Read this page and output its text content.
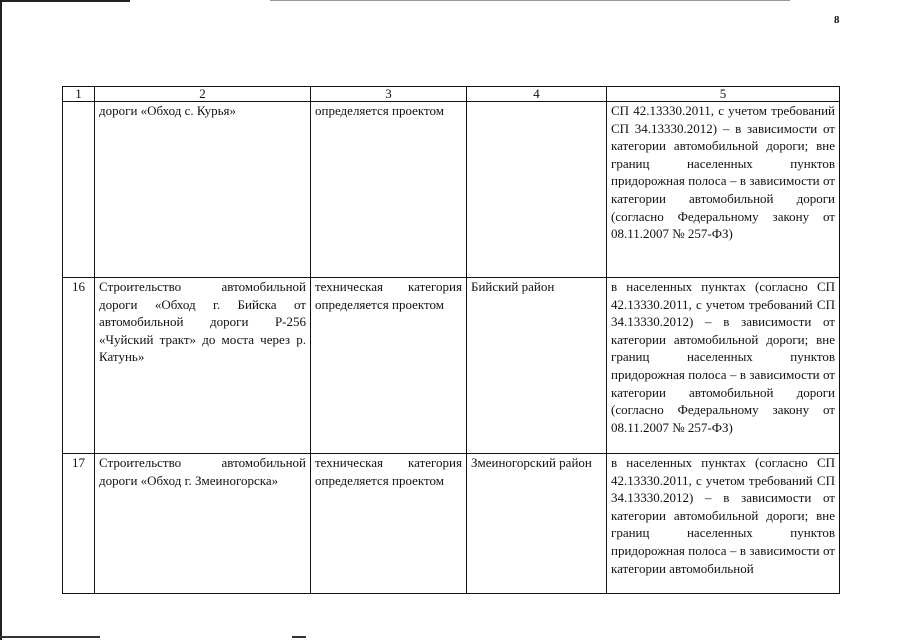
8
1	2	3	4	5
	дороги «Обход с. Курья»	определяется проектом		СП 42.13330.2011, с учетом требований СП 34.13330.2012) – в зависимости от категории автомобильной дороги; вне границ населенных пунктов придорожная полоса – в зависимости от категории автомобильной дороги (согласно Федеральному закону от 08.11.2007 № 257-ФЗ)
16	Строительство автомобильной дороги «Обход г. Бийска от автомобильной дороги Р-256 «Чуйский тракт» до моста через р. Катунь»	техническая категория определяется проектом	Бийский район	в населенных пунктах (согласно СП 42.13330.2011, с учетом требований СП 34.13330.2012) – в зависимости от категории автомобильной дороги; вне границ населенных пунктов придорожная полоса – в зависимости от категории автомобильной дороги (согласно Федеральному закону от 08.11.2007 № 257-ФЗ)
17	Строительство автомобильной дороги «Обход г. Змеиногорска»	техническая категория определяется проектом	Змеиногорский район	в населенных пунктах (согласно СП 42.13330.2011, с учетом требований СП 34.13330.2012) – в зависимости от категории автомобильной дороги; вне границ населенных пунктов придорожная полоса – в зависимости от категории автомобильной
